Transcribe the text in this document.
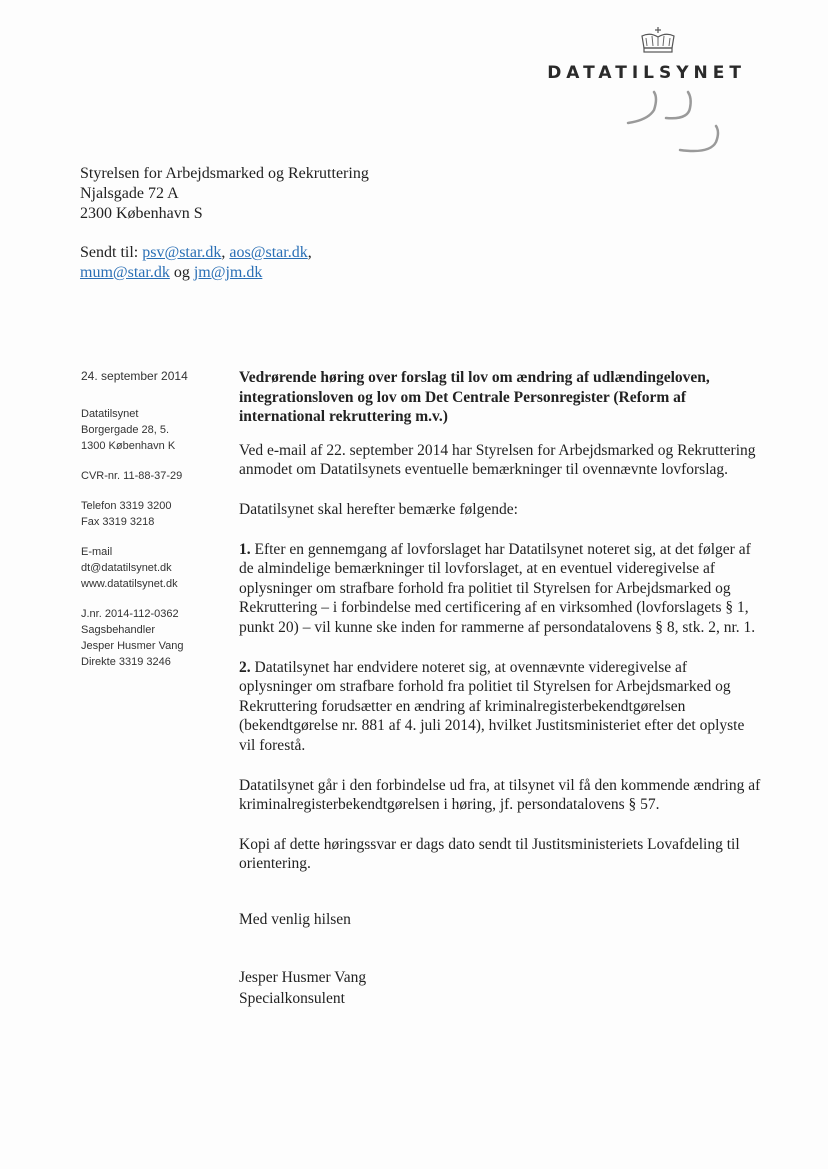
DATATILSYNET
Styrelsen for Arbejdsmarked og Rekruttering
Njalsgade 72 A
2300 København S
Sendt til: psv@star.dk, aos@star.dk,
mum@star.dk og jm@jm.dk
24. september 2014
Datatilsynet
Borgergade 28, 5.
1300 København K
CVR-nr. 11-88-37-29
Telefon 3319 3200
Fax 3319 3218
E-mail
dt@datatilsynet.dk
www.datatilsynet.dk
J.nr. 2014-112-0362
Sagsbehandler
Jesper Husmer Vang
Direkte 3319 3246
Vedrørende høring over forslag til lov om ændring af udlændingeloven, integrationsloven og lov om Det Centrale Personregister (Reform af international rekruttering m.v.)

Ved e-mail af 22. september 2014 har Styrelsen for Arbejdsmarked og Rekruttering anmodet om Datatilsynets eventuelle bemærkninger til ovennævnte lovforslag.

Datatilsynet skal herefter bemærke følgende:

1. Efter en gennemgang af lovforslaget har Datatilsynet noteret sig, at det følger af de almindelige bemærkninger til lovforslaget, at en eventuel videregivelse af oplysninger om strafbare forhold fra politiet til Styrelsen for Arbejdsmarked og Rekruttering – i forbindelse med certificering af en virksomhed (lovforslagets § 1, punkt 20) – vil kunne ske inden for rammerne af persondatalovens § 8, stk. 2, nr. 1.

2. Datatilsynet har endvidere noteret sig, at ovennævnte videregivelse af oplysninger om strafbare forhold fra politiet til Styrelsen for Arbejdsmarked og Rekruttering forudsætter en ændring af kriminalregisterbekendtgørelsen (bekendtgørelse nr. 881 af 4. juli 2014), hvilket Justitsministeriet efter det oplyste vil forestå.

Datatilsynet går i den forbindelse ud fra, at tilsynet vil få den kommende ændring af kriminalregisterbekendtgørelsen i høring, jf. persondatalovens § 57.

Kopi af dette høringssvar er dags dato sendt til Justitsministeriets Lovafdeling til orientering.

Med venlig hilsen
Jesper Husmer Vang
Specialkonsulent
